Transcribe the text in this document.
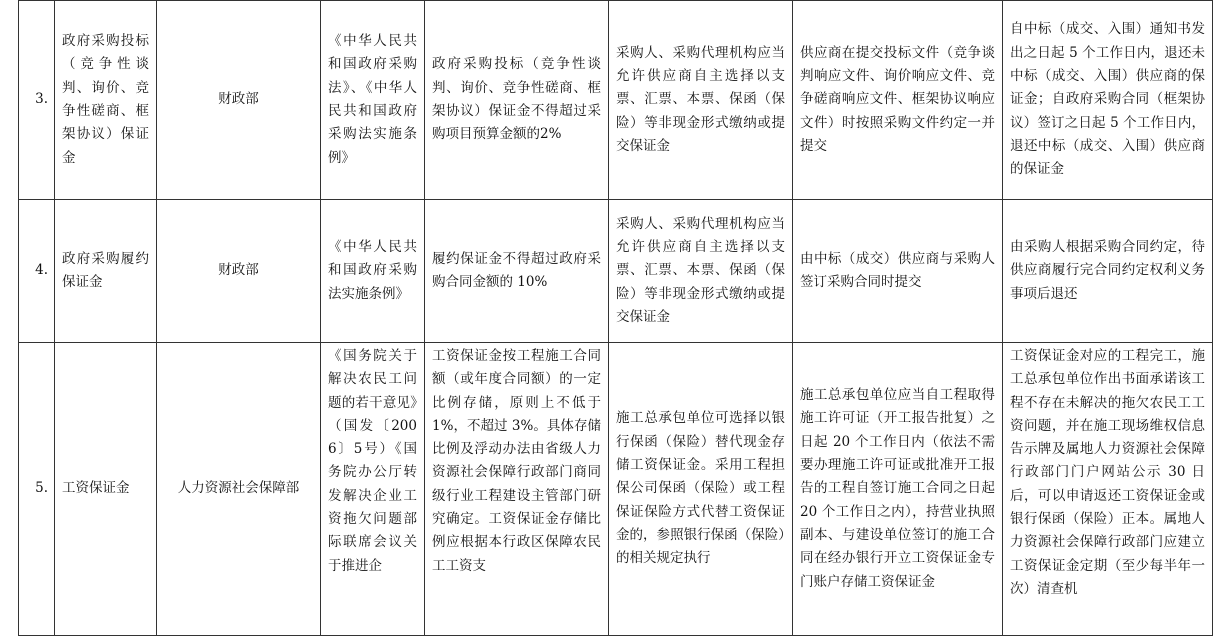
3.	政府采购投标（竞争性谈判、询价、竞争性磋商、框架协议）保证金	财政部	《中华人民共和国政府采购法》、《中华人民共和国政府采购法实施条例》	政府采购投标（竞争性谈判、询价、竞争性磋商、框架协议）保证金不得超过采购项目预算金额的2%	采购人、采购代理机构应当允许供应商自主选择以支票、汇票、本票、保函（保险）等非现金形式缴纳或提交保证金	供应商在提交投标文件（竞争谈判响应文件、询价响应文件、竞争磋商响应文件、框架协议响应文件）时按照采购文件约定一并提交	自中标（成交、入围）通知书发出之日起 5 个工作日内，退还未中标（成交、入围）供应商的保证金；自政府采购合同（框架协议）签订之日起 5 个工作日内，退还中标（成交、入围）供应商的保证金
4.	政府采购履约保证金	财政部	《中华人民共和国政府采购法实施条例》	履约保证金不得超过政府采购合同金额的 10%	采购人、采购代理机构应当允许供应商自主选择以支票、汇票、本票、保函（保险）等非现金形式缴纳或提交保证金	由中标（成交）供应商与采购人签订采购合同时提交	由采购人根据采购合同约定，待供应商履行完合同约定权利义务事项后退还
5.	工资保证金	人力资源社会保障部	《国务院关于解决农民工问题的若干意见》（国发〔2006〕5号）《国务院办公厅转发解决企业工资拖欠问题部际联席会议关于推进企	工资保证金按工程施工合同额（或年度合同额）的一定比例存储，原则上不低于 1%，不超过 3%。具体存储比例及浮动办法由省级人力资源社会保障行政部门商同级行业工程建设主管部门研究确定。工资保证金存储比例应根据本行政区保障农民工工资支	施工总承包单位可选择以银行保函（保险）替代现金存储工资保证金。采用工程担保公司保函（保险）或工程保证保险方式代替工资保证金的，参照银行保函（保险）的相关规定执行	施工总承包单位应当自工程取得施工许可证（开工报告批复）之日起 20 个工作日内（依法不需要办理施工许可证或批准开工报告的工程自签订施工合同之日起 20 个工作日之内），持营业执照副本、与建设单位签订的施工合同在经办银行开立工资保证金专门账户存储工资保证金	工资保证金对应的工程完工，施工总承包单位作出书面承诺该工程不存在未解决的拖欠农民工工资问题，并在施工现场维权信息告示牌及属地人力资源社会保障行政部门门户网站公示 30 日后，可以申请返还工资保证金或银行保函（保险）正本。属地人力资源社会保障行政部门应建立工资保证金定期（至少每半年一次）清查机
